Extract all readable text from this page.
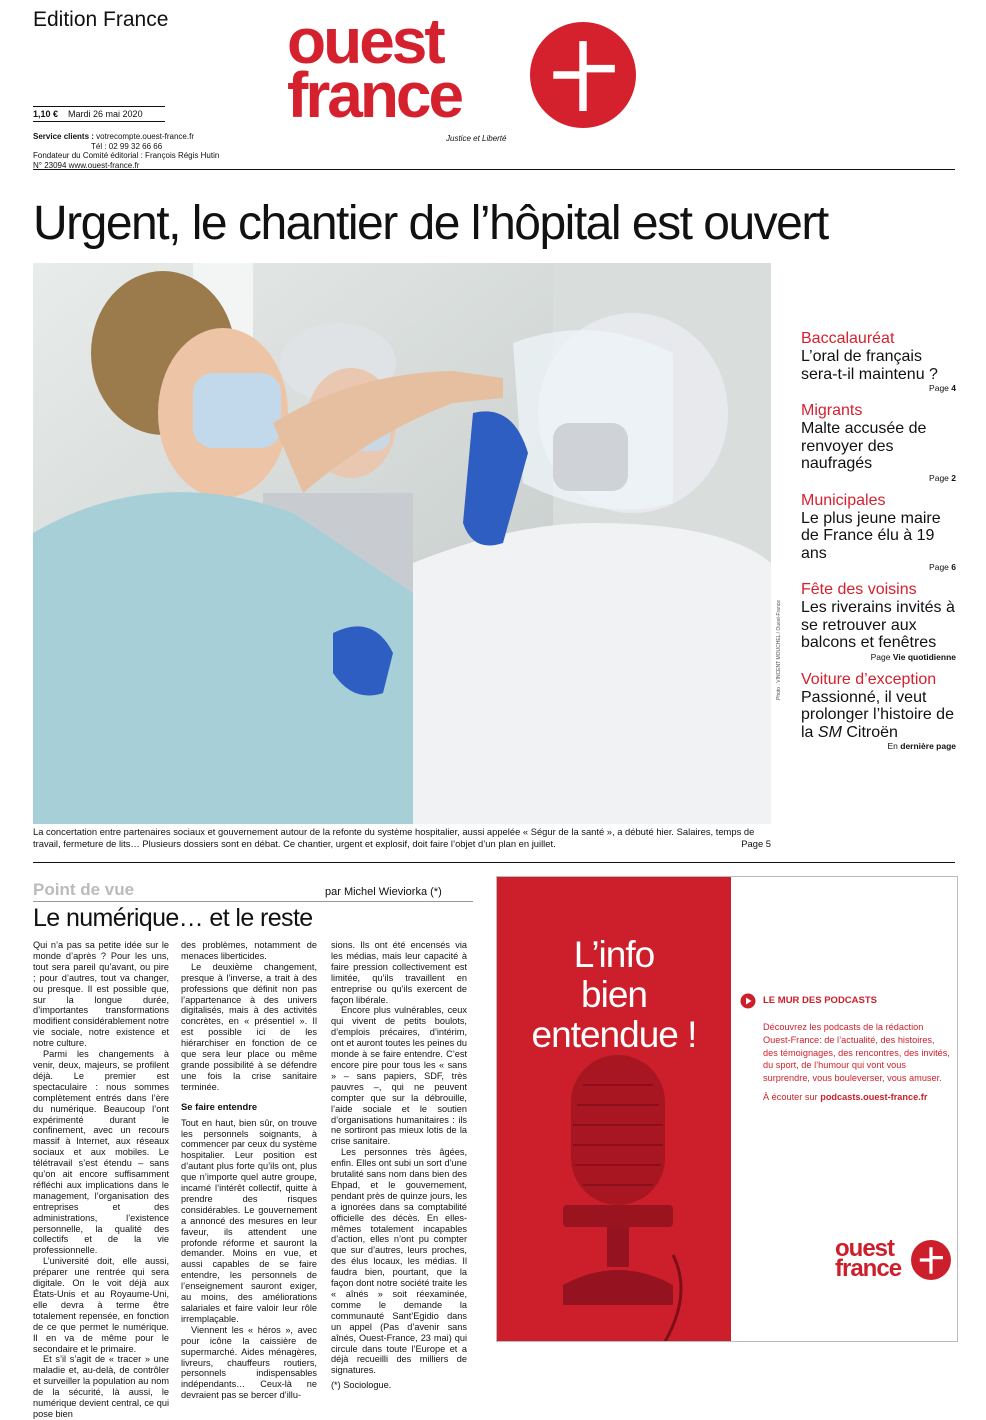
Edition France ouest
france
Justice et Liberté
1,10 € Mardi 26 mai 2020
Service clients : votrecompte.ouest-france.fr
Tél : 02 99 32 66 66
Fondateur du Comité éditorial : François Régis Hutin
N° 23094 www.ouest-france.fr
Urgent, le chantier de l’hôpital est ouvert
Photo : VINCENT MOUCHEL / Ouest-France
La concertation entre partenaires sociaux et gouvernement autour de la refonte du système hospitalier, aussi appelée « Ségur de la santé », a débuté hier. Salaires, temps de travail, fermeture de lits… Plusieurs dossiers sont en débat. Ce chantier, urgent et explosif, doit faire l’objet d’un plan en juillet.	Page 5
Baccalauréat
L’oral de français sera-t-il maintenu ?
Page 4
Migrants
Malte accusée de renvoyer des naufragés
Page 2
Municipales
Le plus jeune maire de France élu à 19 ans
Page 6
Fête des voisins
Les riverains invités à se retrouver aux balcons et fenêtres
Page Vie quotidienne
Voiture d’exception
Passionné, il veut prolonger l’histoire de la SM Citroën
En dernière page
Point de vue	par Michel Wieviorka (*)
Le numérique… et le reste

Qui n’a pas sa petite idée sur le monde d’après ? Pour les uns, tout sera pareil qu’avant, ou pire ; pour d’autres, tout va changer, ou presque. Il est possible que, sur la longue durée, d’importantes transformations modifient considérablement notre vie sociale, notre existence et notre culture.

Parmi les changements à venir, deux, majeurs, se profilent déjà. Le premier est spectaculaire : nous sommes complètement entrés dans l’ère du numérique. Beaucoup l’ont expérimenté durant le confinement, avec un recours massif à Internet, aux réseaux sociaux et aux mobiles. Le télétravail s’est étendu – sans qu’on ait encore suffisamment réfléchi aux implications dans le management, l’organisation des entreprises et des administrations, l’existence personnelle, la qualité des collectifs et de la vie professionnelle.

L’université doit, elle aussi, préparer une rentrée qui sera digitale. On le voit déjà aux États-Unis et au Royaume-Uni, elle devra à terme être totalement repensée, en fonction de ce que permet le numérique. Il en va de même pour le secondaire et le primaire.

Et s’il s’agit de « tracer » une maladie et, au-delà, de contrôler et surveiller la population au nom de la sécurité, là aussi, le numérique devient central, ce qui pose bien

des problèmes, notamment de menaces liberticides.

Le deuxième changement, presque à l’inverse, a trait à des professions que définit non pas l’appartenance à des univers digitalisés, mais à des activités concrètes, en « présentiel ». Il est possible ici de les hiérarchiser en fonction de ce que sera leur place ou même grande possibilité à se défendre une fois la crise sanitaire terminée.

Se faire entendre

Tout en haut, bien sûr, on trouve les personnels soignants, à commencer par ceux du système hospitalier. Leur position est d’autant plus forte qu’ils ont, plus que n’importe quel autre groupe, incarné l’intérêt collectif, quitte à prendre des risques considérables. Le gouvernement a annoncé des mesures en leur faveur, ils attendent une profonde réforme et sauront la demander. Moins en vue, et aussi capables de se faire entendre, les personnels de l’enseignement sauront exiger, au moins, des améliorations salariales et faire valoir leur rôle irremplaçable.

Viennent les « héros », avec pour icône la caissière de supermarché. Aides ménagères, livreurs, chauffeurs routiers, personnels indispensables indépendants… Ceux-là ne devraient pas se bercer d’illu-

sions. Ils ont été encensés via les médias, mais leur capacité à faire pression collectivement est limitée, qu’ils travaillent en entreprise ou qu’ils exercent de façon libérale.

Encore plus vulnérables, ceux qui vivent de petits boulots, d’emplois précaires, d’intérim, ont et auront toutes les peines du monde à se faire entendre. C’est encore pire pour tous les « sans » – sans papiers, SDF, très pauvres –, qui ne peuvent compter que sur la débrouille, l’aide sociale et le soutien d’organisations humanitaires : ils ne sortiront pas mieux lotis de la crise sanitaire.

Les personnes très âgées, enfin. Elles ont subi un sort d’une brutalité sans nom dans bien des Ehpad, et le gouvernement, pendant près de quinze jours, les a ignorées dans sa comptabilité officielle des décès. En elles-mêmes totalement incapables d’action, elles n’ont pu compter que sur d’autres, leurs proches, des élus locaux, les médias. Il faudra bien, pourtant, que la façon dont notre société traite les « aînés » soit réexaminée, comme le demande la communauté Sant’Egidio dans un appel (Pas d’avenir sans aînés, Ouest-France, 23 mai) qui circule dans toute l’Europe et a déjà recueilli des milliers de signatures.

(*) Sociologue.

L’info
bien
entendue !
LE MUR DES PODCASTS

Découvrez les podcasts de la rédaction Ouest-France: de l’actualité, des histoires, des témoignages, des rencontres, des invités, du sport, de l’humour qui vont vous surprendre, vous bouleverser, vous amuser.

À écouter sur podcasts.ouest-france.fr

ouest
france
